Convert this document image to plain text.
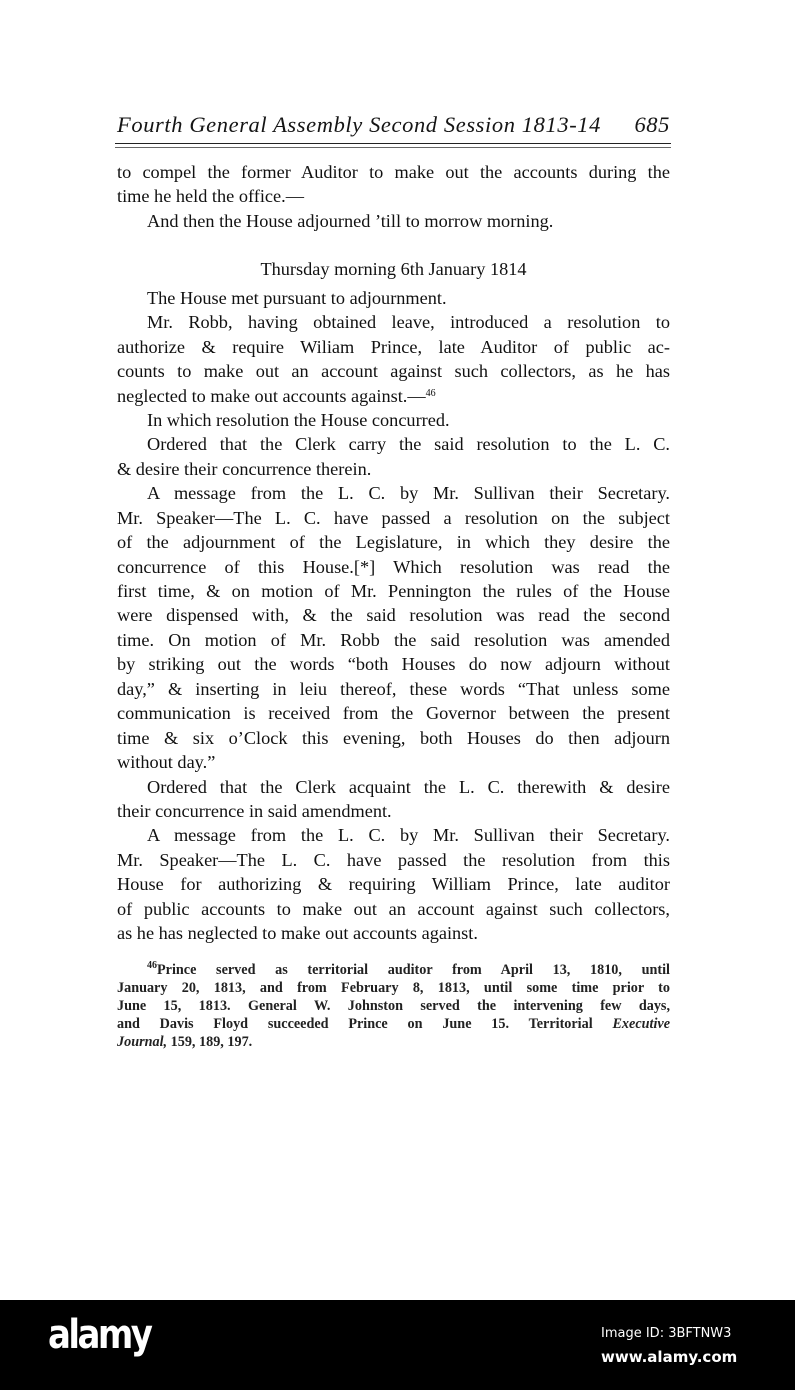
Fourth General Assembly Second Session 1813-14 685
to compel the former Auditor to make out the accounts during the
time he held the office.—
And then the House adjourned ’till to morrow morning.
Thursday morning 6th January 1814
The House met pursuant to adjournment.
Mr. Robb, having obtained leave, introduced a resolution to
authorize & require Wiliam Prince, late Auditor of public ac-
counts to make out an account against such collectors, as he has
neglected to make out accounts against.—$^{46}$
In which resolution the House concurred.
Ordered that the Clerk carry the said resolution to the L. C.
& desire their concurrence therein.
A message from the L. C. by Mr. Sullivan their Secretary.
Mr. Speaker—The L. C. have passed a resolution on the subject
of the adjournment of the Legislature, in which they desire the
concurrence of this House.[*] Which resolution was read the
first time, & on motion of Mr. Pennington the rules of the House
were dispensed with, & the said resolution was read the second
time. On motion of Mr. Robb the said resolution was amended
by striking out the words “both Houses do now adjourn without
day,” & inserting in leiu thereof, these words “That unless some
communication is received from the Governor between the present
time & six o’Clock this evening, both Houses do then adjourn
without day.”
Ordered that the Clerk acquaint the L. C. therewith & desire
their concurrence in said amendment.
A message from the L. C. by Mr. Sullivan their Secretary.
Mr. Speaker—The L. C. have passed the resolution from this
House for authorizing & requiring William Prince, late auditor
of public accounts to make out an account against such collectors,
as he has neglected to make out accounts against.
$^{46}$Prince served as territorial auditor from April 13, 1810, until
January 20, 1813, and from February 8, 1813, until some time prior to
June 15, 1813. General W. Johnston served the intervening few days,
and Davis Floyd succeeded Prince on June 15. Territorial Executive
Journal, 159, 189, 197.
alamy	Image ID: 3BFTNW3
www.alamy.com
